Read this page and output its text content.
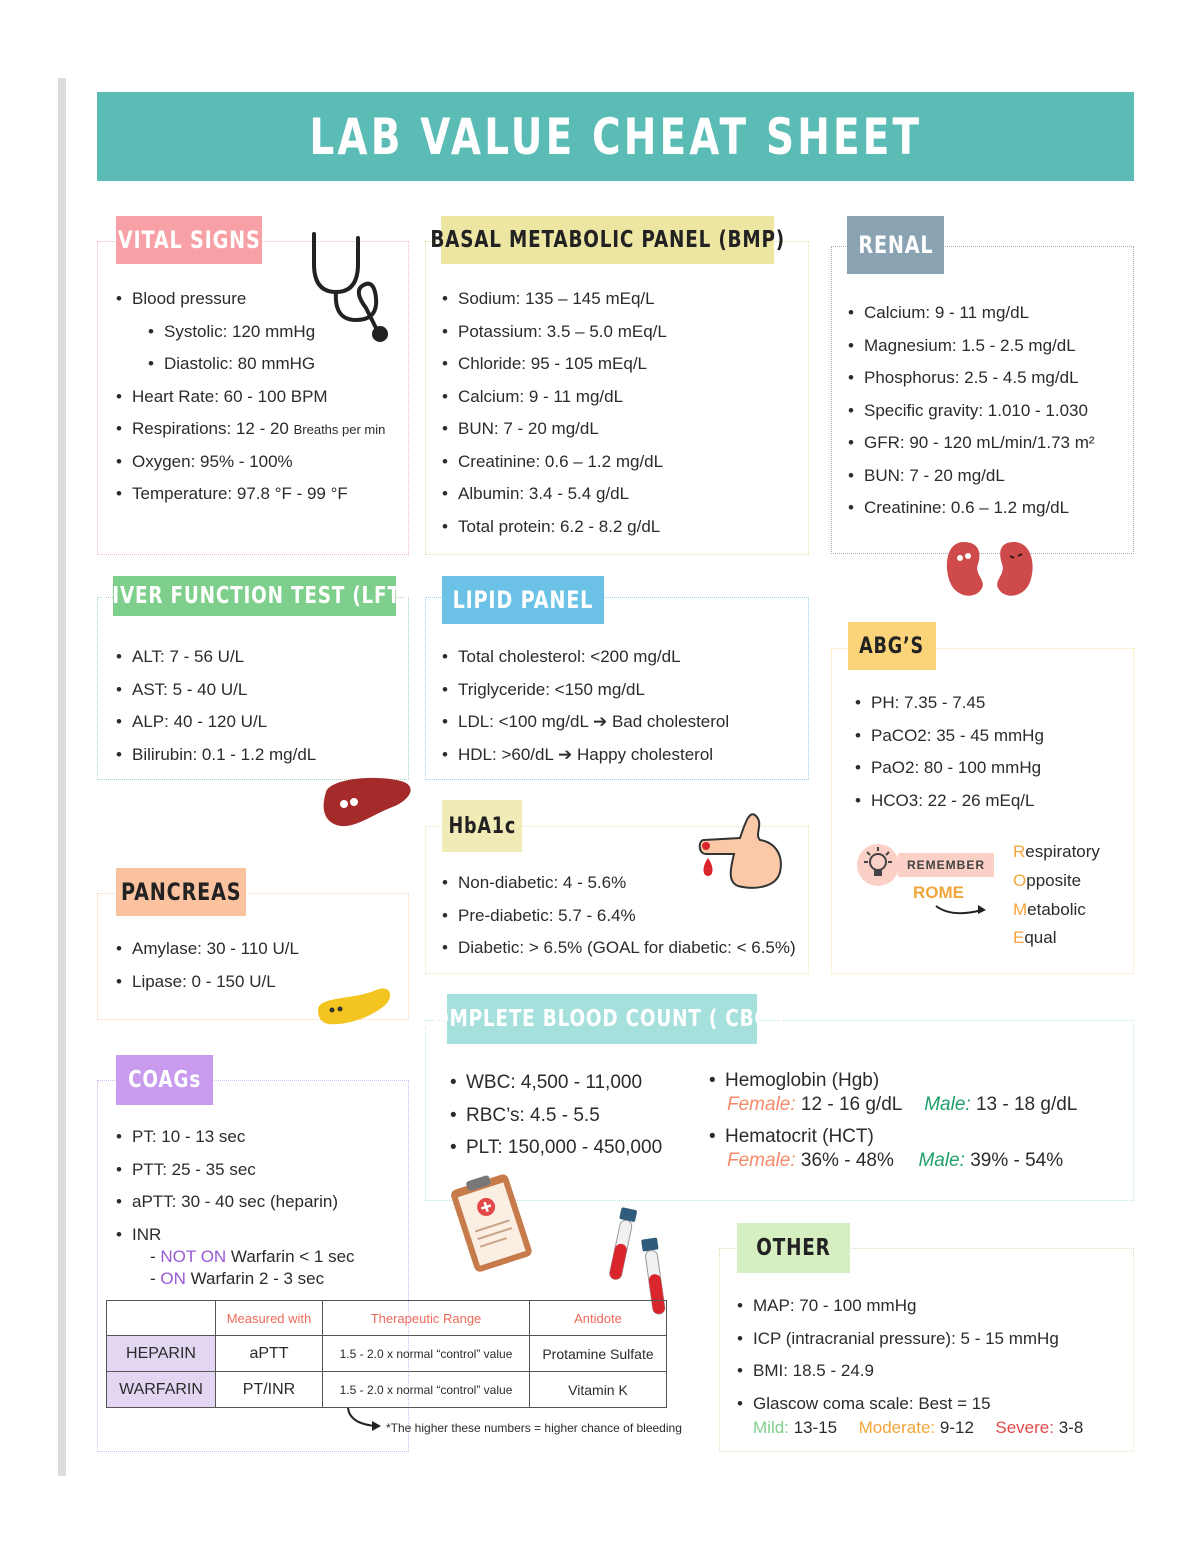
LAB VALUE CHEAT SHEET
VITAL SIGNS
• Blood pressure
• Systolic: 120 mmHg
• Diastolic: 80 mmHG
• Heart Rate: 60 - 100 BPM
• Respirations: 12 - 20 Breaths per min
• Oxygen: 95% - 100%
• Temperature: 97.8 °F - 99 °F
BASAL METABOLIC PANEL (BMP)
• Sodium: 135 – 145 mEq/L
• Potassium: 3.5 – 5.0 mEq/L
• Chloride: 95 - 105 mEq/L
• Calcium: 9 - 11 mg/dL
• BUN: 7 - 20 mg/dL
• Creatinine: 0.6 – 1.2 mg/dL
• Albumin: 3.4 - 5.4 g/dL
• Total protein: 6.2 - 8.2 g/dL
RENAL
• Calcium: 9 - 11 mg/dL
• Magnesium: 1.5 - 2.5 mg/dL
• Phosphorus: 2.5 - 4.5 mg/dL
• Specific gravity: 1.010 - 1.030
• GFR: 90 - 120 mL/min/1.73 m²
• BUN: 7 - 20 mg/dL
• Creatinine: 0.6 – 1.2 mg/dL
LIVER FUNCTION TEST (LFT)
• ALT: 7 - 56 U/L
• AST: 5 - 40 U/L
• ALP: 40 - 120 U/L
• Bilirubin: 0.1 - 1.2 mg/dL
LIPID PANEL
• Total cholesterol: <200 mg/dL
• Triglyceride: <150 mg/dL
• LDL: <100 mg/dL ➔ Bad cholesterol
• HDL: >60/dL ➔ Happy cholesterol
ABG’S
• PH: 7.35 - 7.45
• PaCO2: 35 - 45 mmHg
• PaO2: 80 - 100 mmHg
• HCO3: 22 - 26 mEq/L
REMEMBER
ROME
Respiratory
Opposite
Metabolic
Equal
HbA1c
• Non-diabetic: 4 - 5.6%
• Pre-diabetic: 5.7 - 6.4%
• Diabetic: > 6.5% (GOAL for diabetic: < 6.5%)
PANCREAS
• Amylase: 30 - 110 U/L
• Lipase: 0 - 150 U/L
COMPLETE BLOOD COUNT ( CBC )
• WBC: 4,500 - 11,000
• RBC’s: 4.5 - 5.5
• PLT: 150,000 - 450,000
• Hemoglobin (Hgb)
Female: 12 - 16 g/dL Male: 13 - 18 g/dL
• Hematocrit (HCT)
Female: 36% - 48% Male: 39% - 54%
COAGs
• PT: 10 - 13 sec
• PTT: 25 - 35 sec
• aPTT: 30 - 40 sec (heparin)
• INR
- NOT ON Warfarin < 1 sec
- ON Warfarin 2 - 3 sec
	Measured with	Therapeutic Range	Antidote
HEPARIN	aPTT	1.5 - 2.0 x normal “control” value	Protamine Sulfate
WARFARIN	PT/INR	1.5 - 2.0 x normal “control” value	Vitamin K
*The higher these numbers = higher chance of bleeding
OTHER
• MAP: 70 - 100 mmHg
• ICP (intracranial pressure): 5 - 15 mmHg
• BMI: 18.5 - 24.9
• Glascow coma scale: Best = 15
Mild: 13-15 Moderate: 9-12 Severe: 3-8
